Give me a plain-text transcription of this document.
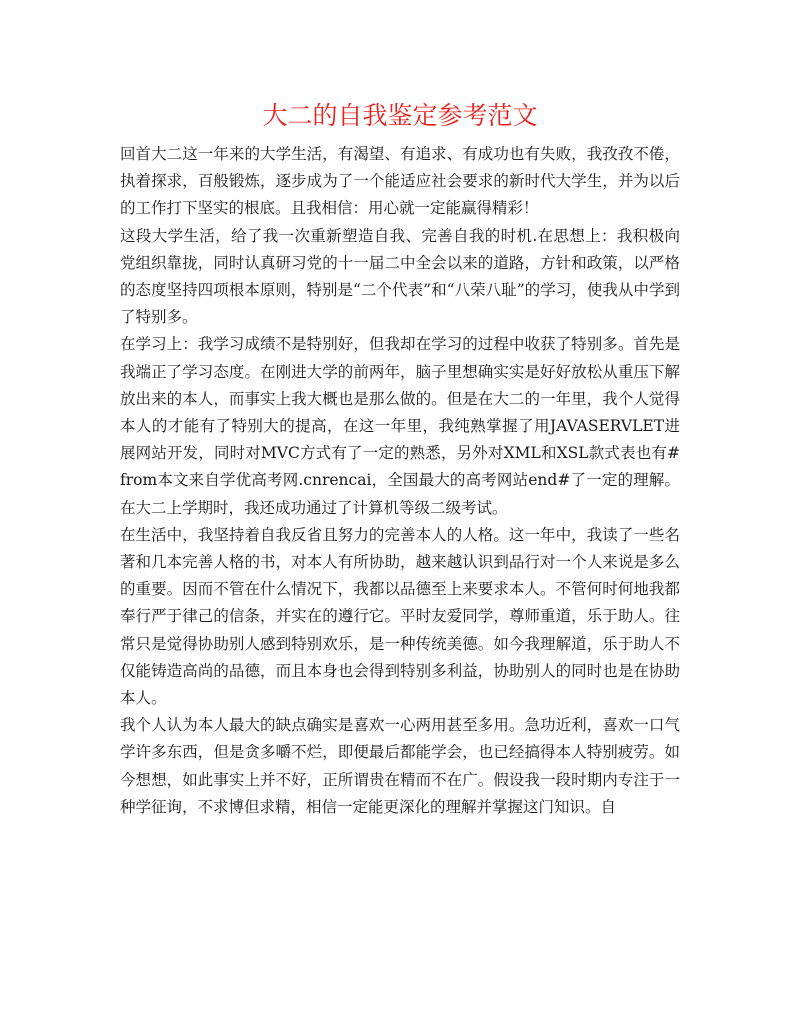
大二的自我鉴定参考范文

回首大二这一年来的大学生活，有渴望、有追求、有成功也有失败，我孜孜不倦，执着探求，百般锻炼，逐步成为了一个能适应社会要求的新时代大学生，并为以后的工作打下坚实的根底。且我相信：用心就一定能赢得精彩！

这段大学生活，给了我一次重新塑造自我、完善自我的时机.在思想上：我积极向党组织靠拢，同时认真研习党的十一届二中全会以来的道路，方针和政策，以严格的态度坚持四项根本原则，特别是“二个代表”和“八荣八耻”的学习，使我从中学到了特别多。

在学习上：我学习成绩不是特别好，但我却在学习的过程中收获了特别多。首先是我端正了学习态度。在刚进大学的前两年，脑子里想确实实是好好放松从重压下解放出来的本人，而事实上我大概也是那么做的。但是在大二的一年里，我个人觉得本人的才能有了特别大的提高，在这一年里，我纯熟掌握了用JAVASERVLET进展网站开发，同时对MVC方式有了一定的熟悉，另外对XML和XSL款式表也有#from本文来自学优高考网.cnrencai，全国最大的高考网站end#了一定的理解。在大二上学期时，我还成功通过了计算机等级二级考试。

在生活中，我坚持着自我反省且努力的完善本人的人格。这一年中，我读了一些名著和几本完善人格的书，对本人有所协助，越来越认识到品行对一个人来说是多么的重要。因而不管在什么情况下，我都以品德至上来要求本人。不管何时何地我都奉行严于律己的信条，并实在的遵行它。平时友爱同学，尊师重道，乐于助人。往常只是觉得协助别人感到特别欢乐，是一种传统美德。如今我理解道，乐于助人不仅能铸造高尚的品德，而且本身也会得到特别多利益，协助别人的同时也是在协助本人。

我个人认为本人最大的缺点确实是喜欢一心两用甚至多用。急功近利，喜欢一口气学许多东西，但是贪多嚼不烂，即便最后都能学会，也已经搞得本人特别疲劳。如今想想，如此事实上并不好，正所谓贵在精而不在广。假设我一段时期内专注于一种学征询，不求博但求精，相信一定能更深化的理解并掌握这门知识。自
